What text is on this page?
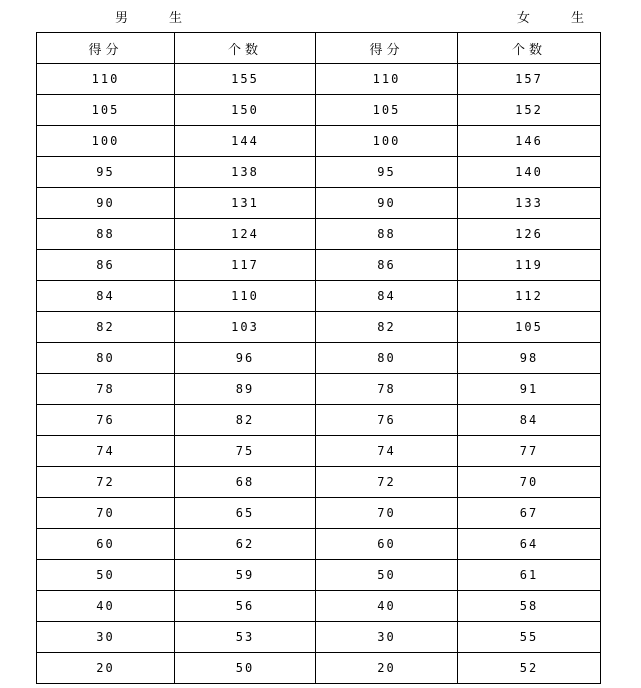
男　生	女　生
得分	个数	得分	个数
110	155	110	157
105	150	105	152
100	144	100	146
95	138	95	140
90	131	90	133
88	124	88	126
86	117	86	119
84	110	84	112
82	103	82	105
80	96	80	98
78	89	78	91
76	82	76	84
74	75	74	77
72	68	72	70
70	65	70	67
60	62	60	64
50	59	50	61
40	56	40	58
30	53	30	55
20	50	20	52
